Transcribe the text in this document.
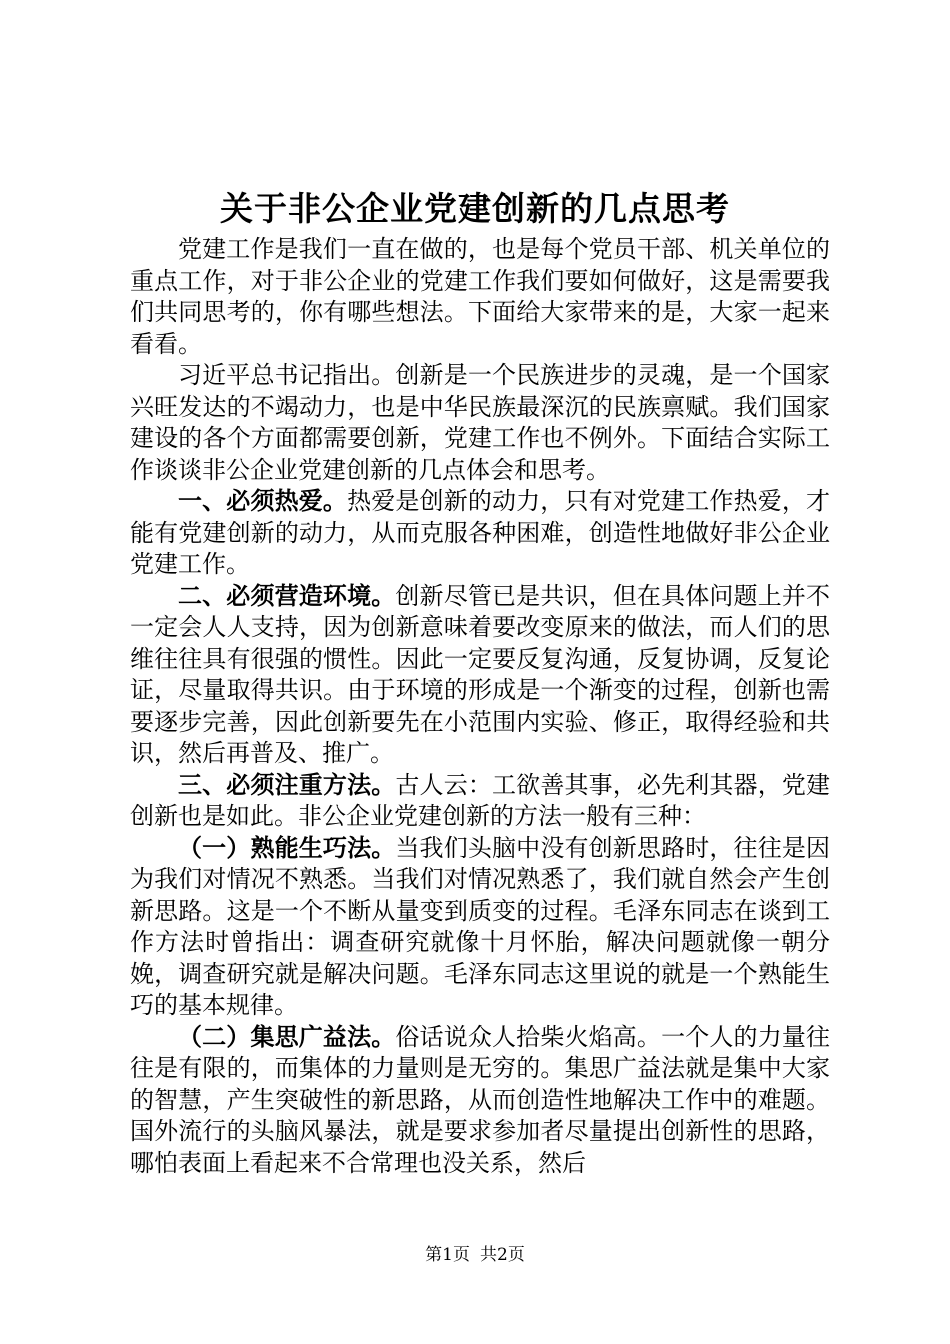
关于非公企业党建创新的几点思考

党建工作是我们一直在做的，也是每个党员干部、机关单位的重点工作，对于非公企业的党建工作我们要如何做好，这是需要我们共同思考的，你有哪些想法。下面给大家带来的是，大家一起来看看。

习近平总书记指出。创新是一个民族进步的灵魂，是一个国家兴旺发达的不竭动力，也是中华民族最深沉的民族禀赋。我们国家建设的各个方面都需要创新，党建工作也不例外。下面结合实际工作谈谈非公企业党建创新的几点体会和思考。

一、必须热爱。热爱是创新的动力，只有对党建工作热爱，才能有党建创新的动力，从而克服各种困难，创造性地做好非公企业党建工作。

二、必须营造环境。创新尽管已是共识，但在具体问题上并不一定会人人支持，因为创新意味着要改变原来的做法，而人们的思维往往具有很强的惯性。因此一定要反复沟通，反复协调，反复论证，尽量取得共识。由于环境的形成是一个渐变的过程，创新也需要逐步完善，因此创新要先在小范围内实验、修正，取得经验和共识，然后再普及、推广。

三、必须注重方法。古人云：工欲善其事，必先利其器，党建创新也是如此。非公企业党建创新的方法一般有三种：

（一）熟能生巧法。当我们头脑中没有创新思路时，往往是因为我们对情况不熟悉。当我们对情况熟悉了，我们就自然会产生创新思路。这是一个不断从量变到质变的过程。毛泽东同志在谈到工作方法时曾指出：调查研究就像十月怀胎，解决问题就像一朝分娩，调查研究就是解决问题。毛泽东同志这里说的就是一个熟能生巧的基本规律。

（二）集思广益法。俗话说众人拾柴火焰高。一个人的力量往往是有限的，而集体的力量则是无穷的。集思广益法就是集中大家的智慧，产生突破性的新思路，从而创造性地解决工作中的难题。国外流行的头脑风暴法，就是要求参加者尽量提出创新性的思路，哪怕表面上看起来不合常理也没关系，然后

第1页 共2页
